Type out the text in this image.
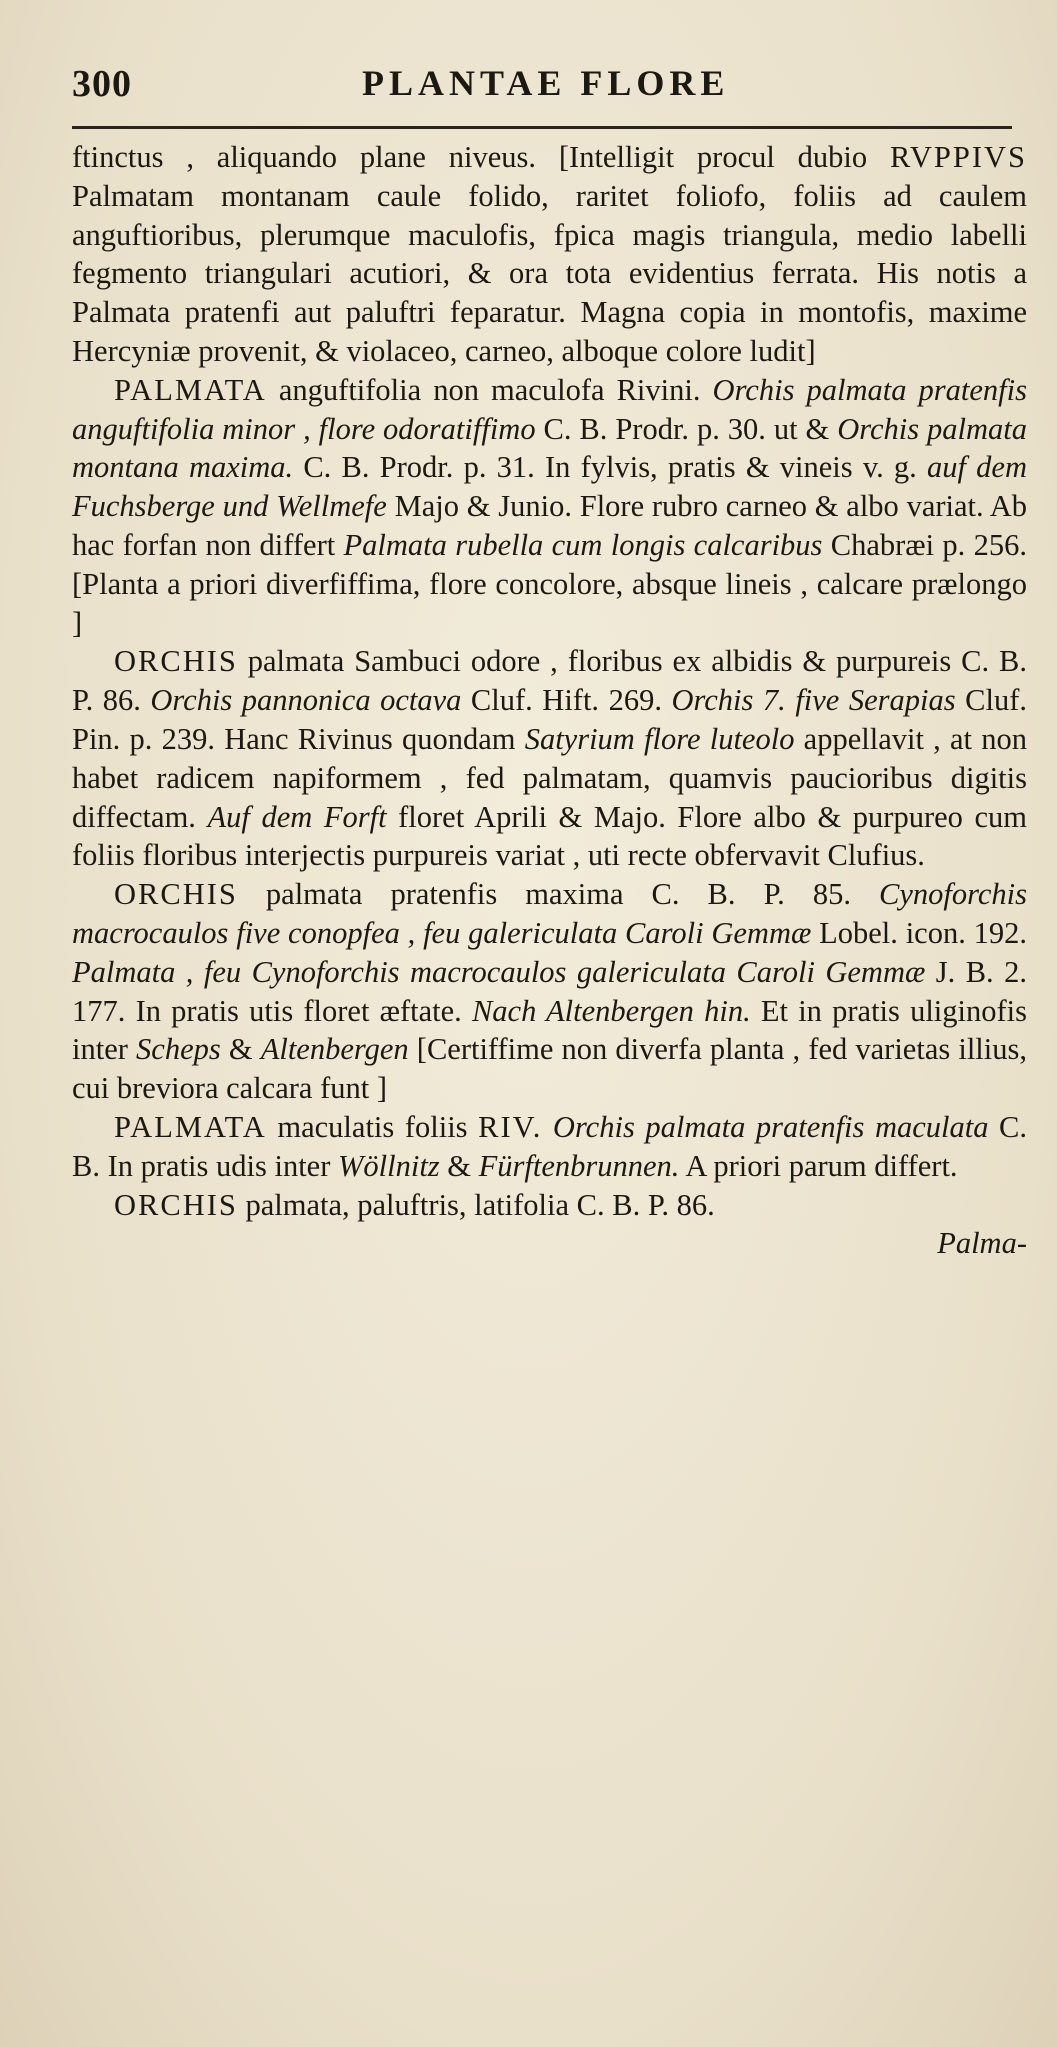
300	PLANTAE FLORE

ftinctus , aliquando plane niveus. [Intelligit procul dubio RVPPIVS Palmatam montanam caule folido, raritet foliofo, foliis ad caulem anguftioribus, plerumque maculofis, fpica magis triangula, medio labelli fegmento triangulari acutiori, & ora tota evidentius ferrata. His notis a Palmata pratenfi aut paluftri feparatur. Magna copia in montofis, maxime Hercyniæ provenit, & violaceo, carneo, alboque colore ludit]

PALMATA anguftifolia non maculofa Rivini. Orchis palmata pratenfis anguftifolia minor , flore odoratiffimo C. B. Prodr. p. 30. ut & Orchis palmata montana maxima. C. B. Prodr. p. 31. In fylvis, pratis & vineis v. g. auf dem Fuchsberge und Wellmefe Majo & Junio. Flore rubro carneo & albo variat. Ab hac forfan non differt Palmata rubella cum longis calcaribus Chabræi p. 256. [Planta a priori diverfiffima, flore concolore, absque lineis , calcare prælongo ]

ORCHIS palmata Sambuci odore , floribus ex albidis & purpureis C. B. P. 86. Orchis pannonica octava Cluf. Hift. 269. Orchis 7. five Serapias Cluf. Pin. p. 239. Hanc Rivinus quondam Satyrium flore luteolo appellavit , at non habet radicem napiformem , fed palmatam, quamvis paucioribus digitis diffectam. Auf dem Forft floret Aprili & Majo. Flore albo & purpureo cum foliis floribus interjectis purpureis variat , uti recte obfervavit Clufius.

ORCHIS palmata pratenfis maxima C. B. P. 85. Cynoforchis macrocaulos five conopfea , feu galericulata Caroli Gemmæ Lobel. icon. 192. Palmata , feu Cynoforchis macrocaulos galericulata Caroli Gemmæ J. B. 2. 177. In pratis utis floret æftate. Nach Altenbergen hin. Et in pratis uliginofis inter Scheps & Altenbergen [Certiffime non diverfa planta , fed varietas illius, cui breviora calcara funt ]

PALMATA maculatis foliis RIV. Orchis palmata pratenfis maculata C. B. In pratis udis inter Wöllnitz & Fürftenbrunnen. A priori parum differt.

ORCHIS palmata, paluftris, latifolia C. B. P. 86.

Palma-
